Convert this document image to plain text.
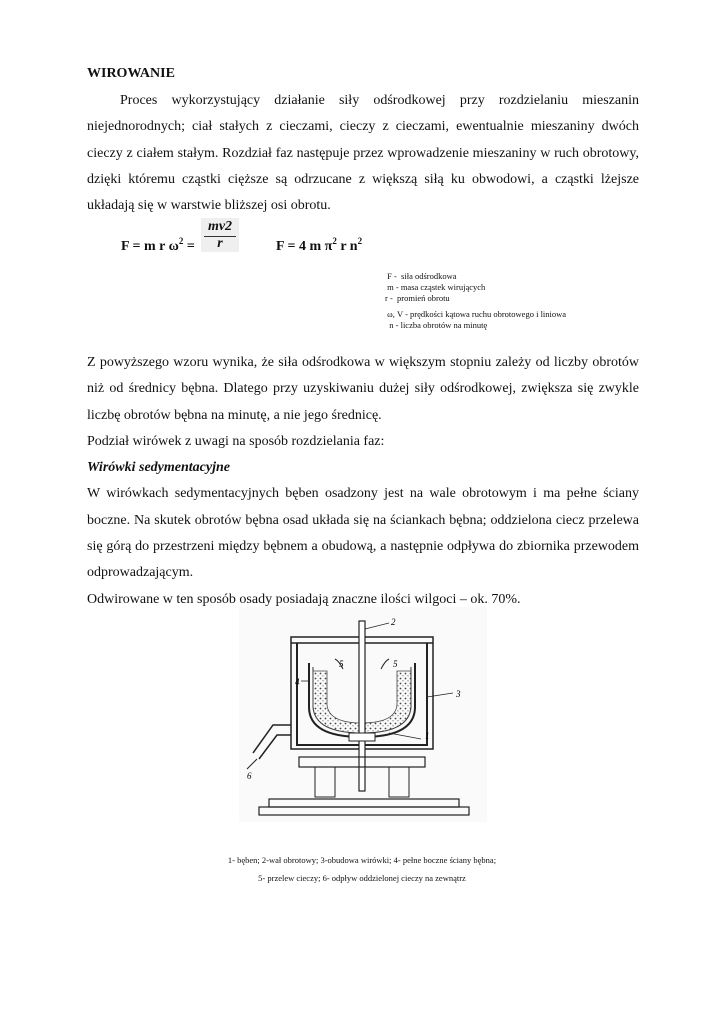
WIROWANIE

Proces wykorzystujący działanie siły odśrodkowej przy rozdzielaniu mieszanin niejednorodnych; ciał stałych z cieczami, cieczy z cieczami, ewentualnie mieszaniny dwóch cieczy z ciałem stałym. Rozdział faz następuje przez wprowadzenie mieszaniny w ruch obrotowy, dzięki któremu cząstki cięższe są odrzucane z większą siłą ku obwodowi, a cząstki lżejsze układają się w warstwie bliższej osi obrotu.

F = m r $\omega^2$ =
mv2
r	F = 4 m $\pi^2$ r $n^2$
F -  siła odśrodkowa
m - masa cząstek wirujących
r -  promień obrotu
ω, V - prędkości kątowa ruchu obrotowego i liniowa
n - liczba obrotów na minutę

Z powyższego wzoru wynika, że siła odśrodkowa w większym stopniu zależy od liczby obrotów niż od średnicy bębna. Dlatego przy uzyskiwaniu dużej siły odśrodkowej, zwiększa się zwykle liczbę obrotów bębna na minutę, a nie jego średnicę.

Podział wirówek z uwagi na sposób rozdzielania faz:

Wirówki sedymentacyjne

W wirówkach sedymentacyjnych bęben osadzony jest na wale obrotowym i ma pełne ściany boczne. Na skutek obrotów bębna osad układa się na ściankach bębna; oddzielona ciecz przelewa się górą do przestrzeni między bębnem a obudową, a następnie odpływa do zbiornika przewodem odprowadzającym.

Odwirowane w ten sposób osady posiadają znaczne ilości wilgoci – ok. 70%.

1
2
3
4
5	5
6
1- bęben; 2-wał obrotowy; 3-obudowa wirówki; 4- pełne boczne ściany bębna;
5- przelew cieczy; 6- odpływ oddzielonej cieczy na zewnątrz
